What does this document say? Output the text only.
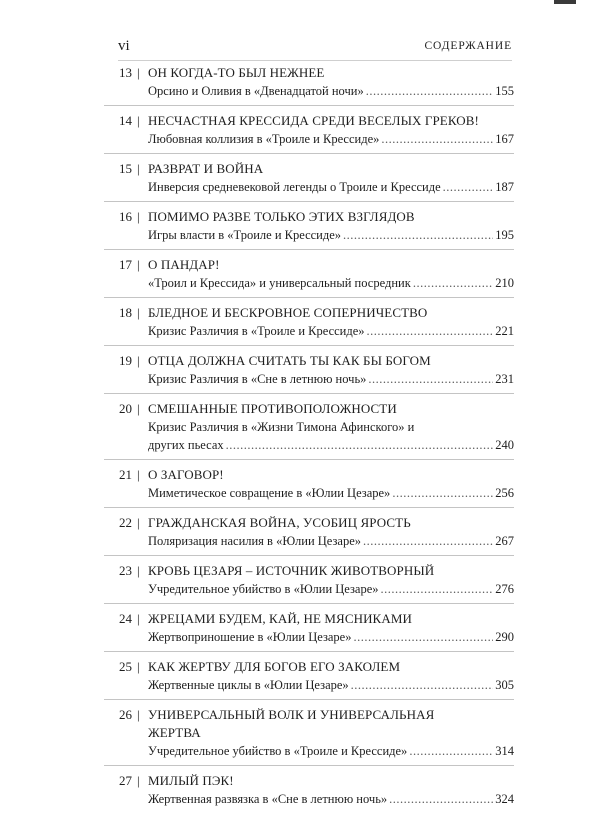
vi	СОДЕРЖАНИЕ
13 | ОН КОГДА-ТО БЫЛ НЕЖНЕЕ
Орсино и Оливия в «Двенадцатой ночи» .....	155
14 | НЕСЧАСТНАЯ КРЕССИДА СРЕДИ ВЕСЕЛЫХ ГРЕКОВ!
Любовная коллизия в «Троиле и Крессиде» .....	167
15 | РАЗВРАТ И ВОЙНА
Инверсия средневековой легенды о Троиле и Крессиде .....	187
16 | ПОМИМО РАЗВЕ ТОЛЬКО ЭТИХ ВЗГЛЯДОВ
Игры власти в «Троиле и Крессиде» .....	195
17 | О ПАНДАР!
«Троил и Крессида» и универсальный посредник .....	210
18 | БЛЕДНОЕ И БЕСКРОВНОЕ СОПЕРНИЧЕСТВО
Кризис Различия в «Троиле и Крессиде» .....	221
19 | ОТЦА ДОЛЖНА СЧИТАТЬ ТЫ КАК БЫ БОГОМ
Кризис Различия в «Сне в летнюю ночь» .....	231
20 | СМЕШАННЫЕ ПРОТИВОПОЛОЖНОСТИ
Кризис Различия в «Жизни Тимона Афинского» и
других пьесах .....	240
21 | О ЗАГОВОР!
Миметическое совращение в «Юлии Цезаре» .....	256
22 | ГРАЖДАНСКАЯ ВОЙНА, УСОБИЦ ЯРОСТЬ
Поляризация насилия в «Юлии Цезаре» .....	267
23 | КРОВЬ ЦЕЗАРЯ – ИСТОЧНИК ЖИВОТВОРНЫЙ
Учредительное убийство в «Юлии Цезаре» .....	276
24 | ЖРЕЦАМИ БУДЕМ, КАЙ, НЕ МЯСНИКАМИ
Жертвоприношение в «Юлии Цезаре» .....	290
25 | КАК ЖЕРТВУ ДЛЯ БОГОВ ЕГО ЗАКОЛЕМ
Жертвенные циклы в «Юлии Цезаре» .....	305
26 | УНИВЕРСАЛЬНЫЙ ВОЛК И УНИВЕРСАЛЬНАЯ
ЖЕРТВА
Учредительное убийство в «Троиле и Крессиде» .....	314
27 | МИЛЫЙ ПЭК!
Жертвенная развязка в «Сне в летнюю ночь» .....	324
